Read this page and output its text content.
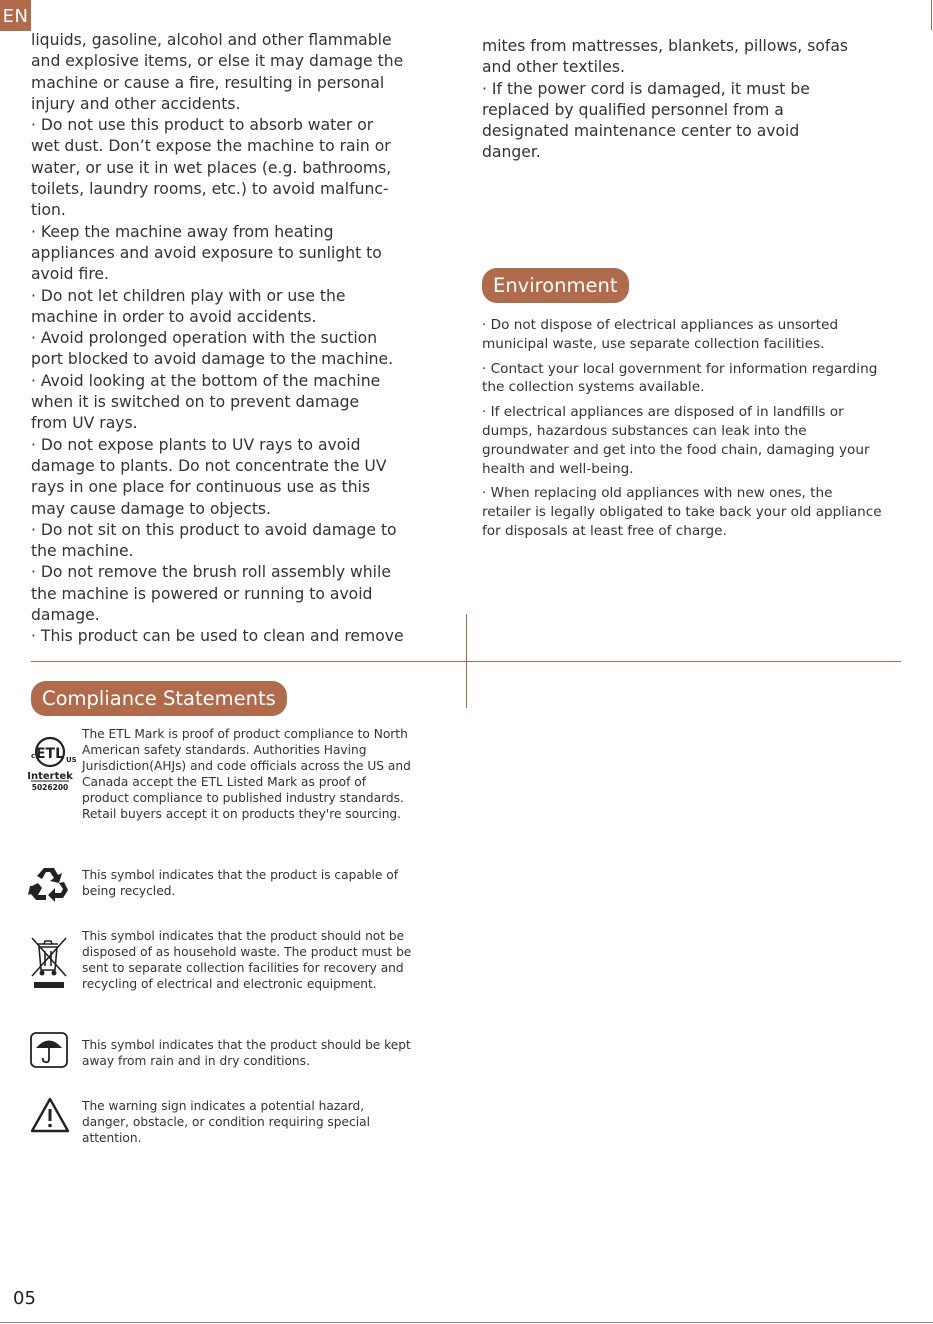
EN

liquids, gasoline, alcohol and other flammable

and explosive items, or else it may damage the

machine or cause a fire, resulting in personal

injury and other accidents.

· Do not use this product to absorb water or

wet dust. Don’t expose the machine to rain or

water, or use it in wet places (e.g. bathrooms,

toilets, laundry rooms, etc.) to avoid malfunc-

tion.

· Keep the machine away from heating

appliances and avoid exposure to sunlight to

avoid fire.

· Do not let children play with or use the

machine in order to avoid accidents.

· Avoid prolonged operation with the suction

port blocked to avoid damage to the machine.

· Avoid looking at the bottom of the machine

when it is switched on to prevent damage

from UV rays.

· Do not expose plants to UV rays to avoid

damage to plants. Do not concentrate the UV

rays in one place for continuous use as this

may cause damage to objects.

· Do not sit on this product to avoid damage to

the machine.

· Do not remove the brush roll assembly while

the machine is powered or running to avoid

damage.

· This product can be used to clean and remove

mites from mattresses, blankets, pillows, sofas

and other textiles.

· If the power cord is damaged, it must be

replaced by qualified personnel from a

designated maintenance center to avoid

danger.

Environment

· Do not dispose of electrical appliances as unsorted municipal waste, use separate collection facilities.

· Contact your local government for information regarding the collection systems available.

· If electrical appliances are disposed of in landfills or dumps, hazardous substances can leak into the groundwater and get into the food chain, damaging your health and well-being.

· When replacing old appliances with new ones, the retailer is legally obligated to take back your old appliance for disposals at least free of charge.

Compliance Statements
ETL
c	US
Intertek
5026200
The ETL Mark is proof of product compliance to North American safety standards. Authorities Having Jurisdiction(AHJs) and code officials across the US and Canada accept the ETL Listed Mark as proof of product compliance to published industry standards. Retail buyers accept it on products they're sourcing.
This symbol indicates that the product is capable of being recycled.
This symbol indicates that the product should not be disposed of as household waste. The product must be sent to separate collection facilities for recovery and recycling of electrical and electronic equipment.
This symbol indicates that the product should be kept away from rain and in dry conditions.
The warning sign indicates a potential hazard, danger, obstacle, or condition requiring special attention.
05
